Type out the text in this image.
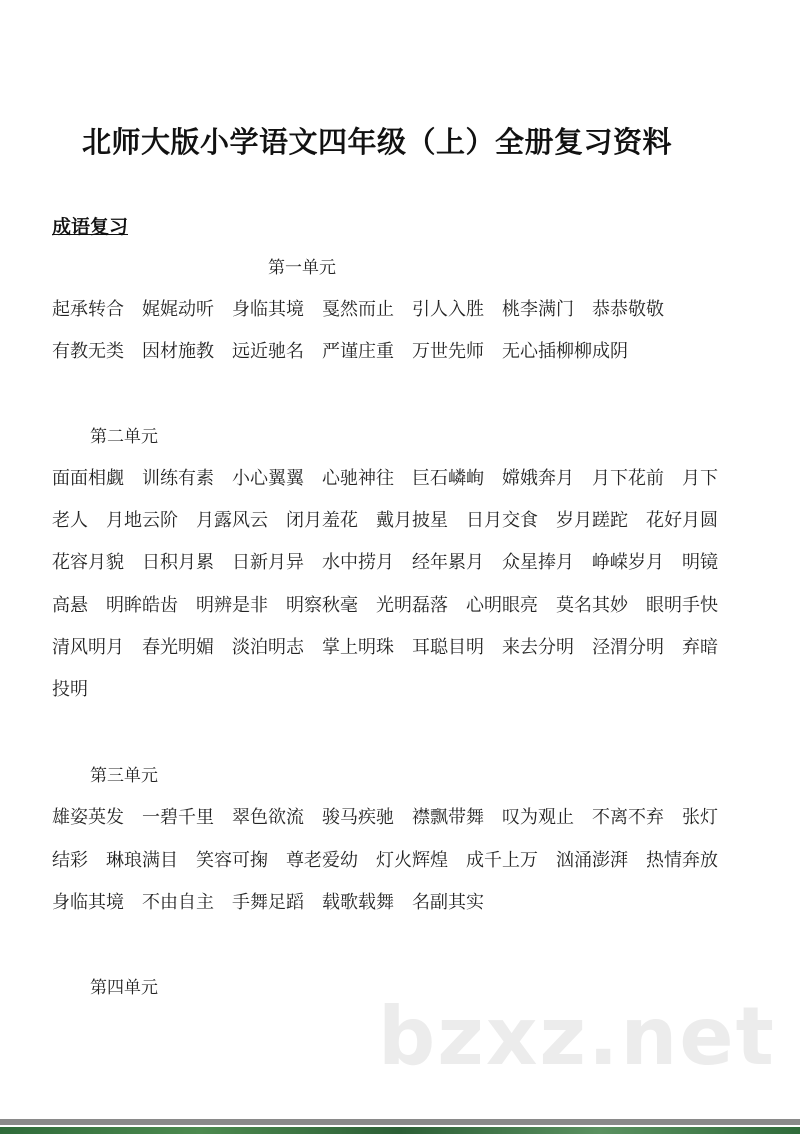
北师大版小学语文四年级（上）全册复习资料
成语复习
第一单元
起承转合 娓娓动听 身临其境 戛然而止 引人入胜 桃李满门 恭恭敬敬
有教无类 因材施教 远近驰名 严谨庄重 万世先师 无心插柳柳成阴
第二单元
面面相觑 训练有素 小心翼翼 心驰神往 巨石嶙峋 嫦娥奔月 月下花前 月下
老人 月地云阶 月露风云 闭月羞花 戴月披星 日月交食 岁月蹉跎 花好月圆
花容月貌 日积月累 日新月异 水中捞月 经年累月 众星捧月 峥嵘岁月 明镜
高悬 明眸皓齿 明辨是非 明察秋毫 光明磊落 心明眼亮 莫名其妙 眼明手快
清风明月 春光明媚 淡泊明志 掌上明珠 耳聪目明 来去分明 泾渭分明 弃暗
投明
第三单元
雄姿英发 一碧千里 翠色欲流 骏马疾驰 襟飘带舞 叹为观止 不离不弃 张灯
结彩 琳琅满目 笑容可掬 尊老爱幼 灯火辉煌 成千上万 汹涌澎湃 热情奔放
身临其境 不由自主 手舞足蹈 载歌载舞 名副其实
第四单元
bzxz.net
